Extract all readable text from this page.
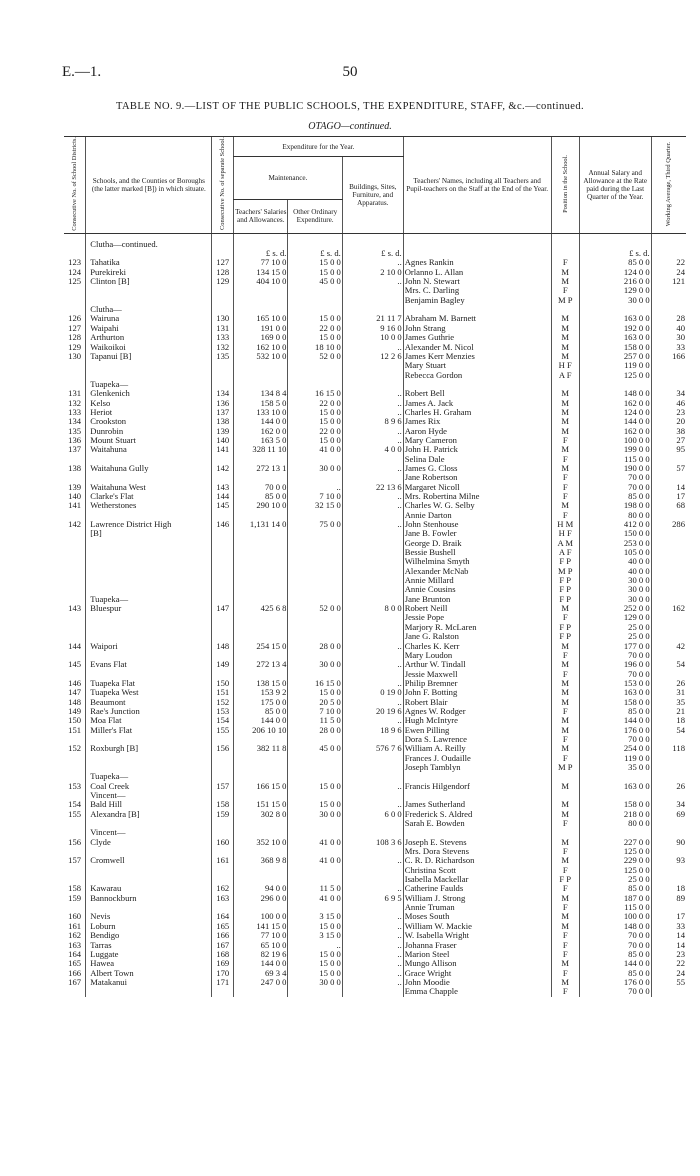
E.—1.	50
TABLE NO. 9.—LIST OF THE PUBLIC SCHOOLS, THE EXPENDITURE, STAFF, &c.—continued.
OTAGO—continued.
Consecutive No. of School Districts.	Schools, and the Counties or Boroughs (the latter marked [B]) in which situate.	Consecutive No. of separate School.	Expenditure for the Year.			Teachers' Names, including all Teachers and Pupil-teachers on the Staff at the End of the Year.	Position in the School.	Annual Salary and Allowance at the Rate paid during the Last Quarter of the Year.	Working Average, Third Quarter.
			Maintenance.		Buildings, Sites, Furniture, and Apparatus.				
			Teachers' Salaries and Allowances.	Other Ordinary Expenditure.					

	Clutha—continued.								
			£ s. d.	£ s. d.	£ s. d.			£ s. d.	
123	Tahatika	127	77 10 0	15 0 0	..	Agnes Rankin	F	85 0 0	22
124	Purekireki	128	134 15 0	15 0 0	2 10 0	Orlanno L. Allan	M	124 0 0	24
125	Clinton [B]	129	404 10 0	45 0 0	..	John N. Stewart	M	216 0 0	121
						Mrs. C. Darling	F	129 0 0	
						Benjamin Bagley	M P	30 0 0	
	Clutha—								
126	Wairuna	130	165 10 0	15 0 0	21 11 7	Abraham M. Barnett	M	163 0 0	28
127	Waipahi	131	191 0 0	22 0 0	9 16 0	John Strang	M	192 0 0	40
128	Arthurton	133	169 0 0	15 0 0	10 0 0	James Guthrie	M	163 0 0	30
129	Waikoikoi	132	162 10 0	18 10 0	..	Alexander M. Nicol	M	158 0 0	33
130	Tapanui [B]	135	532 10 0	52 0 0	12 2 6	James Kerr Menzies	M	257 0 0	166
						Mary Stuart	H F	119 0 0	
						Rebecca Gordon	A F	125 0 0	
	Tuapeka—								
131	Glenkenich	134	134 8 4	16 15 0	..	Robert Bell	M	148 0 0	34
132	Kelso	136	158 5 0	22 0 0	..	James A. Jack	M	162 0 0	46
133	Heriot	137	133 10 0	15 0 0	..	Charles H. Graham	M	124 0 0	23
134	Crookston	138	144 0 0	15 0 0	8 9 6	James Rix	M	144 0 0	20
135	Dunrobin	139	162 0 0	22 0 0	..	Aaron Hyde	M	162 0 0	38
136	Mount Stuart	140	163 5 0	15 0 0	..	Mary Cameron	F	100 0 0	27
137	Waitahuna	141	328 11 10	41 0 0	4 0 0	John H. Patrick	M	199 0 0	95
						Selina Dale	F	115 0 0	
138	Waitahuna Gully	142	272 13 1	30 0 0	..	James G. Closs	M	190 0 0	57
						Jane Robertson	F	70 0 0	
139	Waitahuna West	143	70 0 0	..	22 13 6	Margaret Nicoll	F	70 0 0	14
140	Clarke's Flat	144	85 0 0	7 10 0	..	Mrs. Robertina Milne	F	85 0 0	17
141	Wetherstones	145	290 10 0	32 15 0	..	Charles W. G. Selby	M	198 0 0	68
						Annie Darton	F	80 0 0	
142	Lawrence District High	146	1,131 14 0	75 0 0	..	John Stenhouse	H M	412 0 0	286
	[B]					Jane B. Fowler	H F	150 0 0	
						George D. Braik	A M	253 0 0	
						Bessie Bushell	A F	105 0 0	
						Wilhelmina Smyth	F P	40 0 0	
						Alexander McNab	M P	40 0 0	
						Annie Millard	F P	30 0 0	
						Annie Cousins	F P	30 0 0	
	Tuapeka—					Jane Brunton	F P	30 0 0	
143	Bluespur	147	425 6 8	52 0 0	8 0 0	Robert Neill	M	252 0 0	162
						Jessie Pope	F	129 0 0	
						Marjory R. McLaren	F P	25 0 0	
						Jane G. Ralston	F P	25 0 0	
144	Waipori	148	254 15 0	28 0 0	..	Charles K. Kerr	M	177 0 0	42
						Mary Loudon	F	70 0 0	
145	Evans Flat	149	272 13 4	30 0 0	..	Arthur W. Tindall	M	196 0 0	54
						Jessie Maxwell	F	70 0 0	
146	Tuapeka Flat	150	138 15 0	16 15 0	..	Philip Bremner	M	153 0 0	26
147	Tuapeka West	151	153 9 2	15 0 0	0 19 0	John F. Botting	M	163 0 0	31
148	Beaumont	152	175 0 0	20 5 0	..	Robert Blair	M	158 0 0	35
149	Rae's Junction	153	85 0 0	7 10 0	20 19 6	Agnes W. Rodger	F	85 0 0	21
150	Moa Flat	154	144 0 0	11 5 0	..	Hugh McIntyre	M	144 0 0	18
151	Miller's Flat	155	206 10 10	28 0 0	18 9 6	Ewen Pilling	M	176 0 0	54
						Dora S. Lawrence	F	70 0 0	
152	Roxburgh [B]	156	382 11 8	45 0 0	576 7 6	William A. Reilly	M	254 0 0	118
						Frances J. Oudaille	F	119 0 0	
						Joseph Tamblyn	M P	35 0 0	
	Tuapeka—								
153	Coal Creek	157	166 15 0	15 0 0	..	Francis Hilgendorf	M	163 0 0	26
	Vincent—								
154	Bald Hill	158	151 15 0	15 0 0	..	James Sutherland	M	158 0 0	34
155	Alexandra [B]	159	302 8 0	30 0 0	6 0 0	Frederick S. Aldred	M	218 0 0	69
						Sarah E. Bowden	F	80 0 0	
	Vincent—								
156	Clyde	160	352 10 0	41 0 0	108 3 6	Joseph E. Stevens	M	227 0 0	90
						Mrs. Dora Stevens	F	125 0 0	
157	Cromwell	161	368 9 8	41 0 0	..	C. R. D. Richardson	M	229 0 0	93
						Christina Scott	F	125 0 0	
						Isabella Mackellar	F P	25 0 0	
158	Kawarau	162	94 0 0	11 5 0	..	Catherine Faulds	F	85 0 0	18
159	Bannockburn	163	296 0 0	41 0 0	6 9 5	William J. Strong	M	187 0 0	89
						Annie Truman	F	115 0 0	
160	Nevis	164	100 0 0	3 15 0	..	Moses South	M	100 0 0	17
161	Loburn	165	141 15 0	15 0 0	..	William W. Mackie	M	148 0 0	33
162	Bendigo	166	77 10 0	3 15 0	..	W. Isabella Wright	F	70 0 0	14
163	Tarras	167	65 10 0	..	..	Johanna Fraser	F	70 0 0	14
164	Luggate	168	82 19 6	15 0 0	..	Marion Steel	F	85 0 0	23
165	Hawea	169	144 0 0	15 0 0	..	Mungo Allison	M	144 0 0	22
166	Albert Town	170	69 3 4	15 0 0	..	Grace Wright	F	85 0 0	24
167	Matakanui	171	247 0 0	30 0 0	..	John Moodie	M	176 0 0	55
						Emma Chapple	F	70 0 0	
